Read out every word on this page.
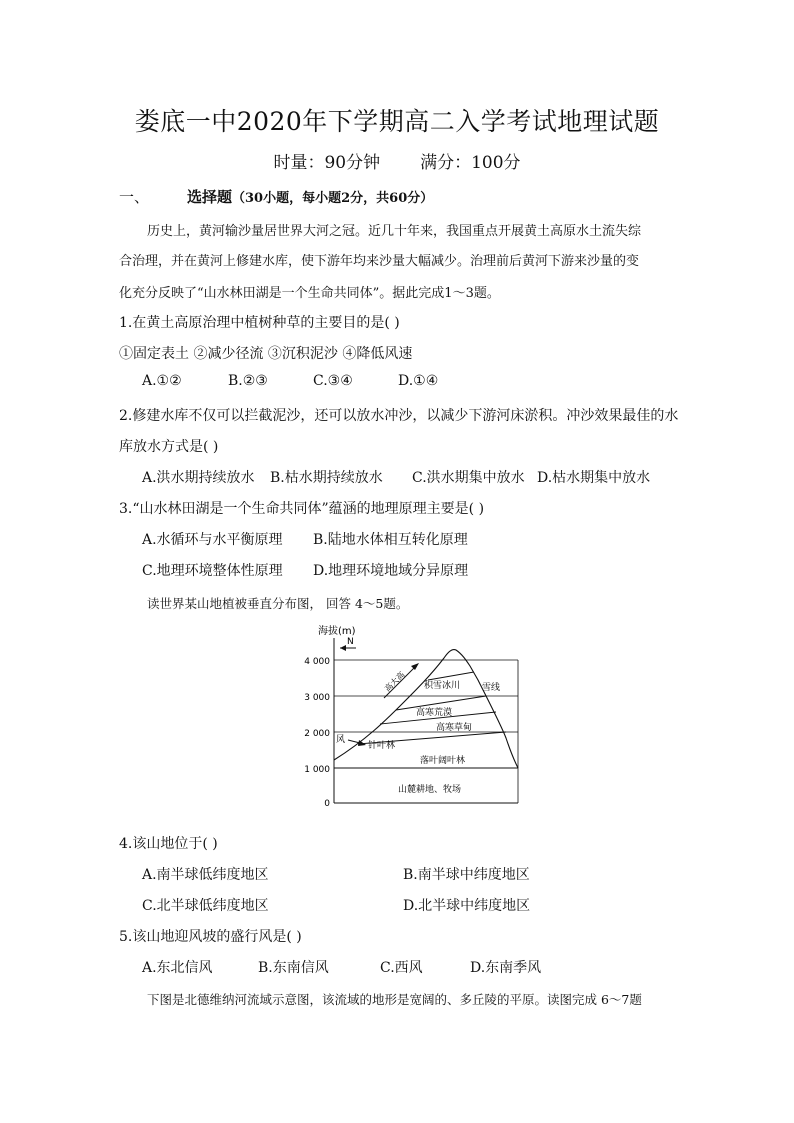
娄底一中2020年下学期高二入学考试地理试题
时量：90分钟 满分：100分
一、	选择题（30小题，每小题2分，共60分）
历史上，黄河输沙量居世界大河之冠。近几十年来，我国重点开展黄土高原水土流失综
合治理，并在黄河上修建水库，使下游年均来沙量大幅减少。治理前后黄河下游来沙量的变
化充分反映了“山水林田湖是一个生命共同体”。据此完成1～3题。
1.在黄土高原治理中植树种草的主要目的是( )
①固定表土 ②减少径流 ③沉积泥沙 ④降低风速
A.①②	B.②③	C.③④	D.①④
2.修建水库不仅可以拦截泥沙，还可以放水冲沙，以减少下游河床淤积。冲沙效果最佳的水
库放水方式是( )
A.洪水期持续放水 B.枯水期持续放水 C.洪水期集中放水 D.枯水期集中放水
3.“山水林田湖是一个生命共同体”蕴涵的地理原理主要是( )
A.水循环与水平衡原理 B.陆地水体相互转化原理
C.地理环境整体性原理 D.地理环境地域分异原理
读世界某山地植被垂直分布图， 回答 4～5题。
海拔(m)
4 000
3 000
2 000
1 000
0
N
积雪冰川 雪线
高寒荒漠
高寒草甸
针叶林
落叶阔叶林
山麓耕地、牧场
风
高大高
4.该山地位于( )
A.南半球低纬度地区	B.南半球中纬度地区
C.北半球低纬度地区	D.北半球中纬度地区
5.该山地迎风坡的盛行风是( )
A.东北信风	B.东南信风	C.西风	D.东南季风
下图是北德维纳河流域示意图，该流域的地形是宽阔的、多丘陵的平原。读图完成 6～7题
